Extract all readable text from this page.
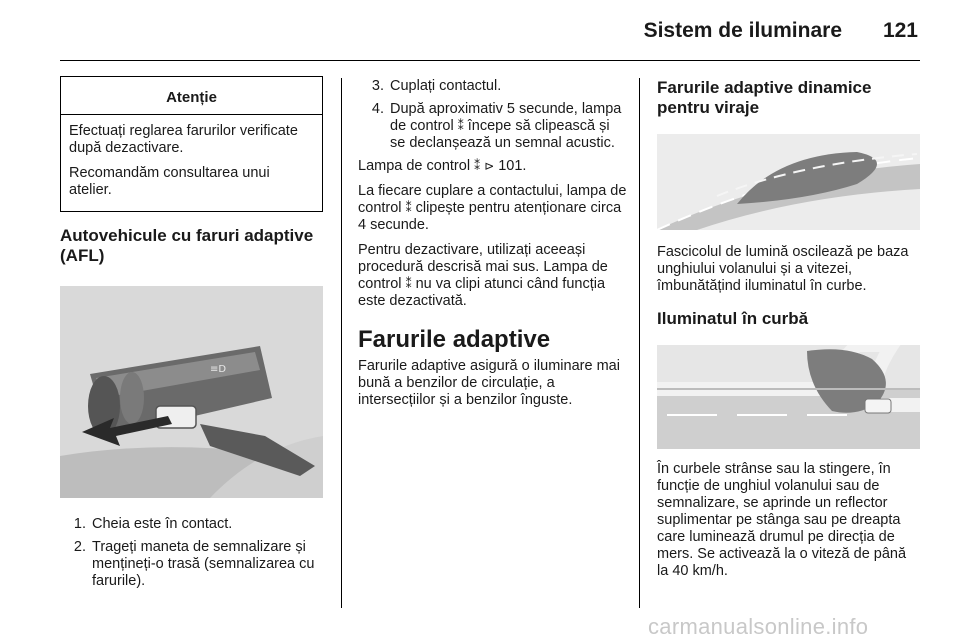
Sistem de iluminare 121
Atenție

Efectuați reglarea farurilor verificate după dezactivare.

Recomandăm consultarea unui atelier.

Autovehicule cu faruri adaptive (AFL)
≡D
1. Cheia este în contact.
2. Trageți maneta de semnalizare și mențineți-o trasă (semnalizarea cu farurile).
3. Cuplați contactul.
4. După aproximativ 5 secunde, lampa de control ⁑ începe să clipească și se declanșează un semnal acustic.

Lampa de control ⁑ ⊳ 101.

La fiecare cuplare a contactului, lampa de control ⁑ clipește pentru atenționare circa 4 secunde.

Pentru dezactivare, utilizați aceeași procedură descrisă mai sus. Lampa de control ⁑ nu va clipi atunci când funcția este dezactivată.

Farurile adaptive

Farurile adaptive asigură o iluminare mai bună a benzilor de circulație, a intersecțiilor și a benzilor înguste.

Farurile adaptive dinamice pentru viraje

Fascicolul de lumină oscilează pe baza unghiului volanului și a vitezei, îmbunătățind iluminatul în curbe.

Iluminatul în curbă

În curbele strânse sau la stingere, în funcție de unghiul volanului sau de semnalizare, se aprinde un reflector suplimentar pe stânga sau pe dreapta care luminează drumul pe direcția de mers. Se activează la o viteză de până la 40 km/h.

carmanualsonline.info
